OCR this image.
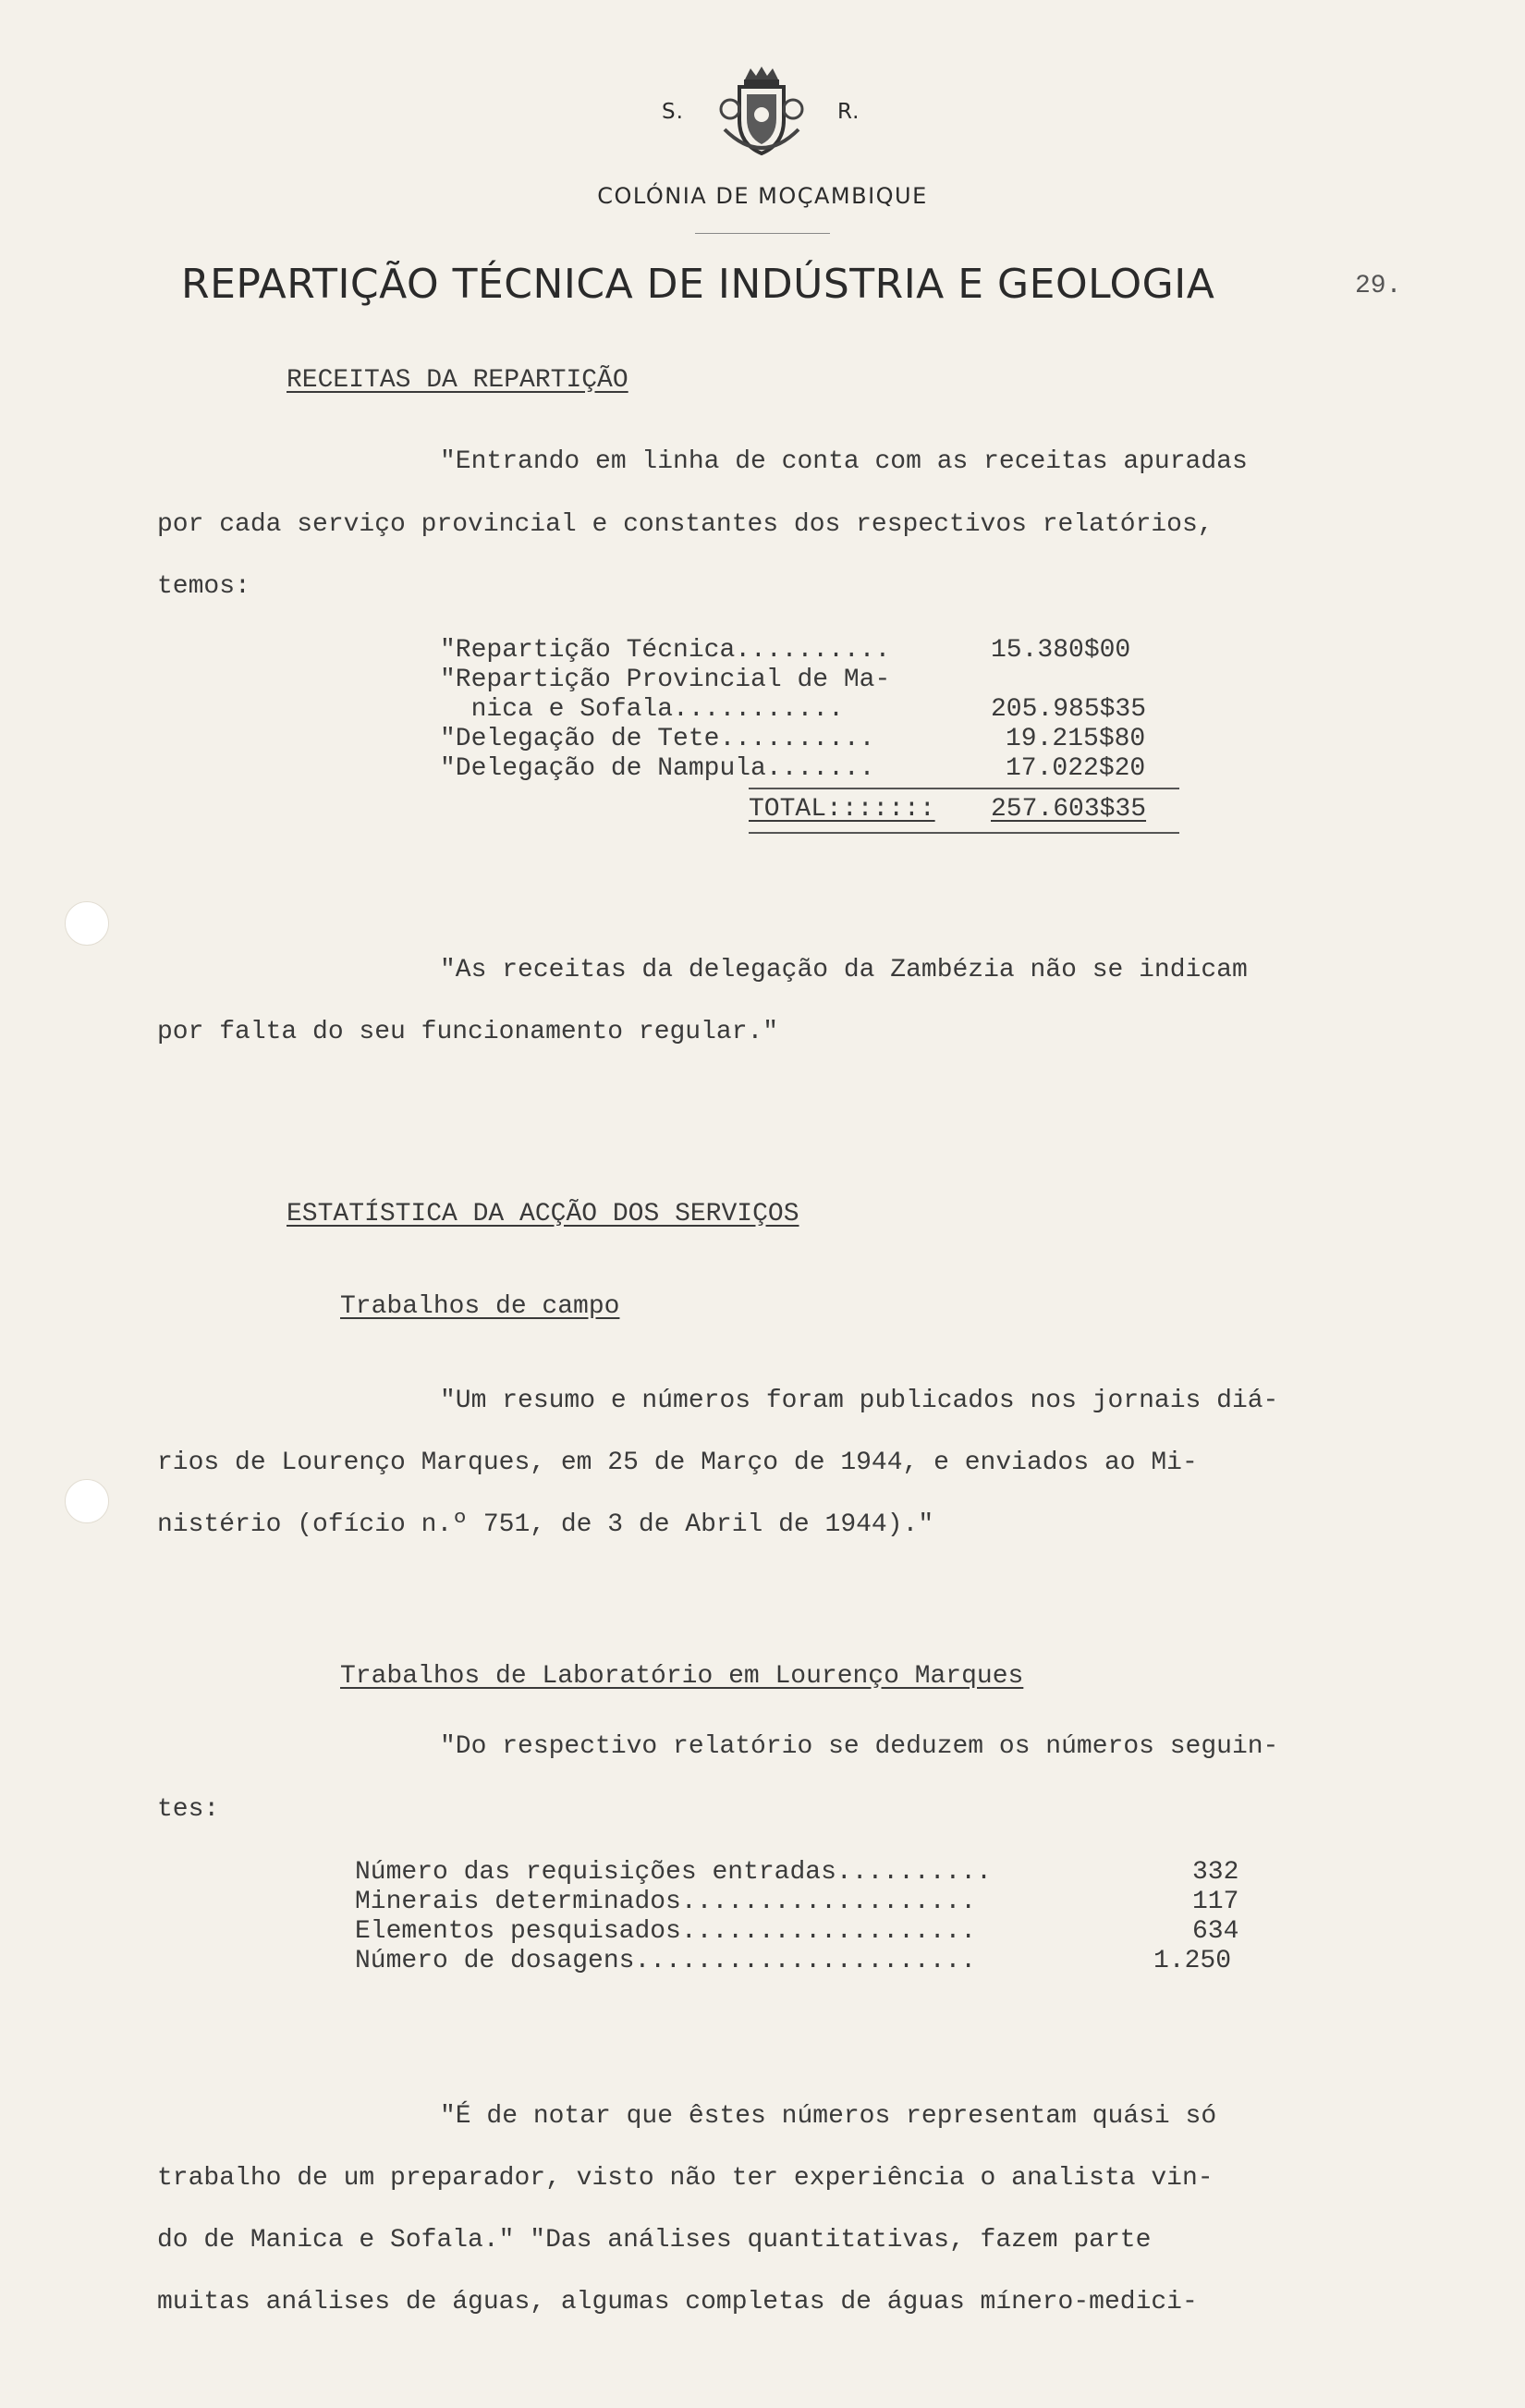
S.	R.
COLÓNIA DE MOÇAMBIQUE
REPARTIÇÃO TÉCNICA DE INDÚSTRIA E GEOLOGIA	29.
RECEITAS DA REPARTIÇÃO
"Entrando em linha de conta com as receitas apuradas
por cada serviço provincial e constantes dos respectivos relatórios,
temos:
"Repartição Técnica..........	15.380$00
"Repartição Provincial de Ma-
nica e Sofala...........	205.985$35
"Delegação de Tete..........	19.215$80
"Delegação de Nampula.......	17.022$20
TOTAL::::::: 257.603$35
"As receitas da delegação da Zambézia não se indicam
por falta do seu funcionamento regular."
ESTATÍSTICA DA ACÇÃO DOS SERVIÇOS
Trabalhos de campo
"Um resumo e números foram publicados nos jornais diá-
rios de Lourenço Marques, em 25 de Março de 1944, e enviados ao Mi-
nistério (ofício n.º 751, de 3 de Abril de 1944)."
Trabalhos de Laboratório em Lourenço Marques
"Do respectivo relatório se deduzem os números seguin-
tes:
Número das requisições entradas..........	332
Minerais determinados...................	117
Elementos pesquisados...................	634
Número de dosagens......................	1.250
"É de notar que êstes números representam quási só
trabalho de um preparador, visto não ter experiência o analista vin-
do de Manica e Sofala." "Das análises quantitativas, fazem parte
muitas análises de águas, algumas completas de águas mínero-medici-
